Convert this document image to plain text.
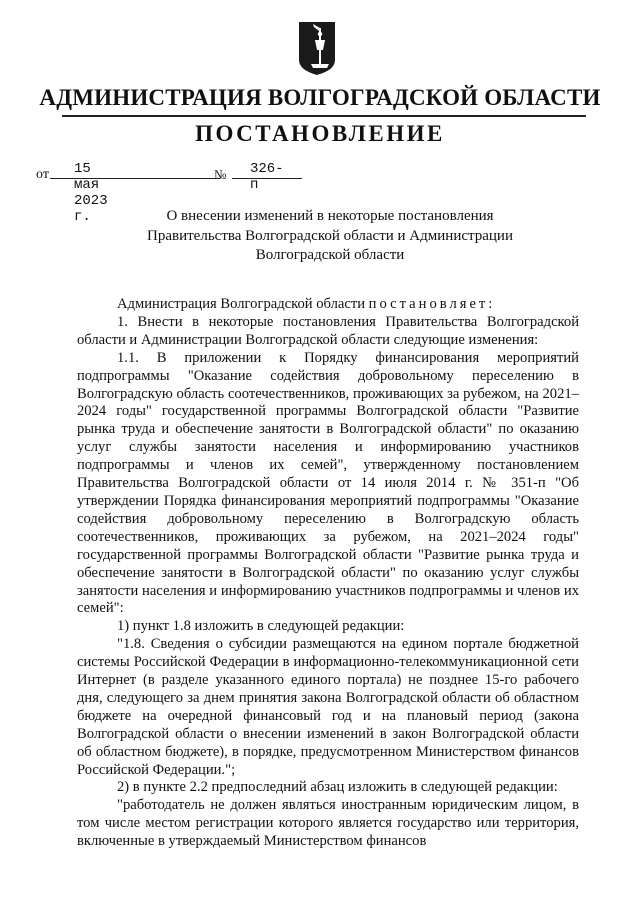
АДМИНИСТРАЦИЯ ВОЛГОГРАДСКОЙ ОБЛАСТИ
ПОСТАНОВЛЕНИЕ
от 15 мая 2023 г.
№ 326-п
О внесении изменений в некоторые постановления
Правительства Волгоградской области и Администрации
Волгоградской области

Администрация Волгоградской области постановляет:

1. Внести в некоторые постановления Правительства Волгоградской области и Администрации Волгоградской области следующие изменения:

1.1. В приложении к Порядку финансирования мероприятий подпрограммы "Оказание содействия добровольному переселению в Волгоградскую область соотечественников, проживающих за рубежом, на 2021–2024 годы" государственной программы Волгоградской области "Развитие рынка труда и обеспечение занятости в Волгоградской области" по оказанию услуг службы занятости населения и информированию участников подпрограммы и членов их семей", утвержденному постановлением Правительства Волгоградской области от 14 июля 2014 г. № 351-п "Об утверждении Порядка финансирования мероприятий подпрограммы "Оказание содействия добровольному переселению в Волгоградскую область соотечественников, проживающих за рубежом, на 2021–2024 годы" государственной программы Волгоградской области "Развитие рынка труда и обеспечение занятости в Волгоградской области" по оказанию услуг службы занятости населения и информированию участников подпрограммы и членов их семей":

1) пункт 1.8 изложить в следующей редакции:

"1.8. Сведения о субсидии размещаются на едином портале бюджетной системы Российской Федерации в информационно-телекоммуникационной сети Интернет (в разделе указанного единого портала) не позднее 15-го рабочего дня, следующего за днем принятия закона Волгоградской области об областном бюджете на очередной финансовый год и на плановый период (закона Волгоградской области о внесении изменений в закон Волгоградской области об областном бюджете), в порядке, предусмотренном Министерством финансов Российской Федерации.";

2) в пункте 2.2 предпоследний абзац изложить в следующей редакции:

"работодатель не должен являться иностранным юридическим лицом, в том числе местом регистрации которого является государство или территория, включенные в утверждаемый Министерством финансов
